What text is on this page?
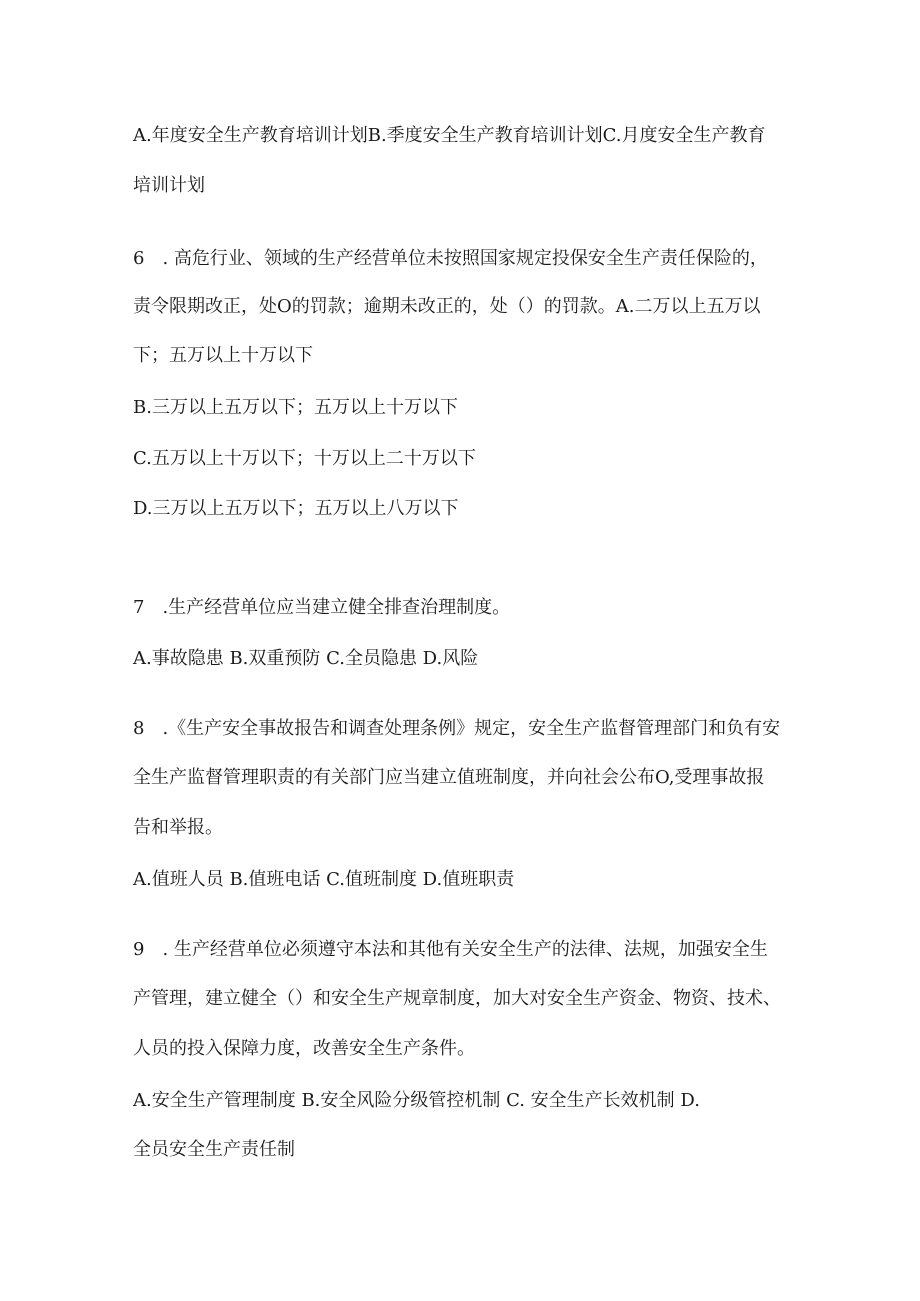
A.年度安全生产教育培训计划B.季度安全生产教育培训计划C.月度安全生产教育
培训计划
6　. 高危行业、领域的生产经营单位未按照国家规定投保安全生产责任保险的，
责令限期改正，处O的罚款；逾期未改正的，处（）的罚款。A.二万以上五万以
下；五万以上十万以下
B.三万以上五万以下；五万以上十万以下
C.五万以上十万以下；十万以上二十万以下
D.三万以上五万以下；五万以上八万以下
7　.生产经营单位应当建立健全排查治理制度。
A.事故隐患 B.双重预防 C.全员隐患 D.风险
8　.《生产安全事故报告和调查处理条例》规定，安全生产监督管理部门和负有安
全生产监督管理职责的有关部门应当建立值班制度，并向社会公布O,受理事故报
告和举报。
A.值班人员 B.值班电话 C.值班制度 D.值班职责
9　. 生产经营单位必须遵守本法和其他有关安全生产的法律、法规，加强安全生
产管理，建立健全（）和安全生产规章制度，加大对安全生产资金、物资、技术、
人员的投入保障力度，改善安全生产条件。
A.安全生产管理制度 B.安全风险分级管控机制 C. 安全生产长效机制 D.
全员安全生产责任制
